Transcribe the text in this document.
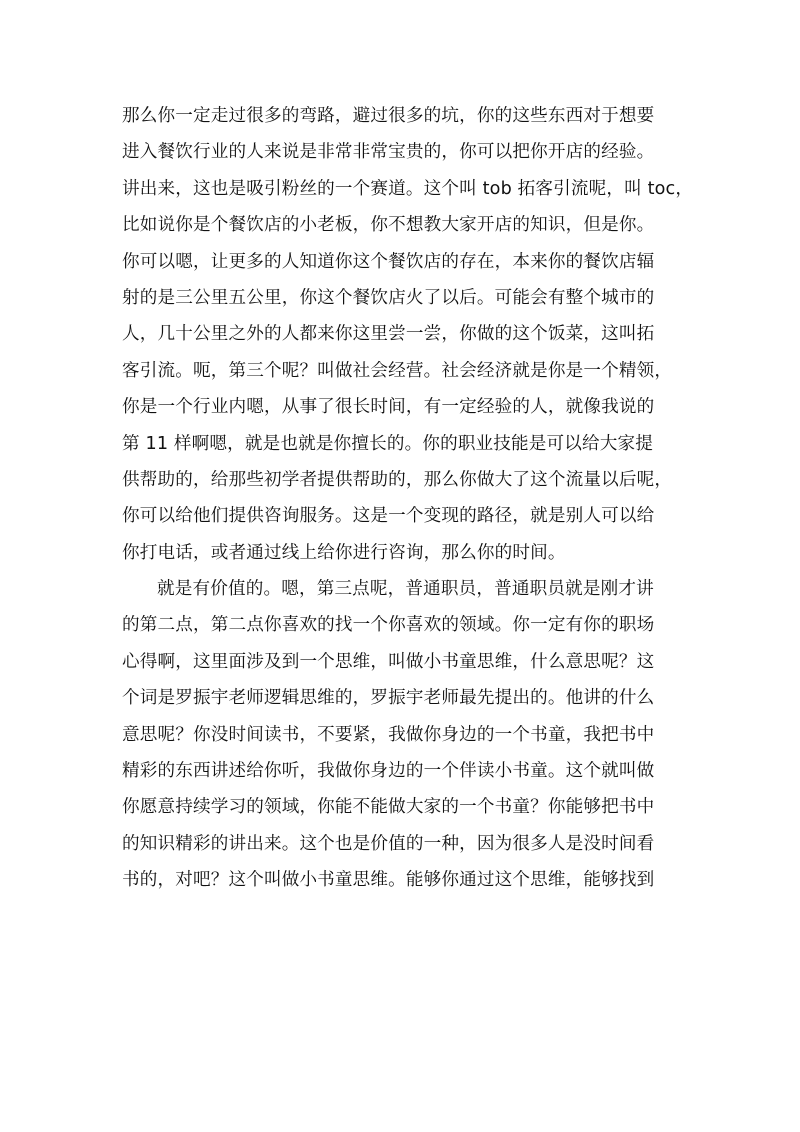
那么你一定走过很多的弯路，避过很多的坑，你的这些东西对于想要
进入餐饮行业的人来说是非常非常宝贵的，你可以把你开店的经验。
讲出来，这也是吸引粉丝的一个赛道。这个叫 tob 拓客引流呢，叫 toc，
比如说你是个餐饮店的小老板，你不想教大家开店的知识，但是你。
你可以嗯，让更多的人知道你这个餐饮店的存在，本来你的餐饮店辐
射的是三公里五公里，你这个餐饮店火了以后。可能会有整个城市的
人，几十公里之外的人都来你这里尝一尝，你做的这个饭菜，这叫拓
客引流。呃，第三个呢？叫做社会经营。社会经济就是你是一个精领，
你是一个行业内嗯，从事了很长时间，有一定经验的人，就像我说的
第 11 样啊嗯，就是也就是你擅长的。你的职业技能是可以给大家提
供帮助的，给那些初学者提供帮助的，那么你做大了这个流量以后呢，
你可以给他们提供咨询服务。这是一个变现的路径，就是别人可以给
你打电话，或者通过线上给你进行咨询，那么你的时间。

就是有价值的。嗯，第三点呢，普通职员，普通职员就是刚才讲
的第二点，第二点你喜欢的找一个你喜欢的领域。你一定有你的职场
心得啊，这里面涉及到一个思维，叫做小书童思维，什么意思呢？这
个词是罗振宇老师逻辑思维的，罗振宇老师最先提出的。他讲的什么
意思呢？你没时间读书，不要紧，我做你身边的一个书童，我把书中
精彩的东西讲述给你听，我做你身边的一个伴读小书童。这个就叫做
你愿意持续学习的领域，你能不能做大家的一个书童？你能够把书中
的知识精彩的讲出来。这个也是价值的一种，因为很多人是没时间看
书的，对吧？这个叫做小书童思维。能够你通过这个思维，能够找到
